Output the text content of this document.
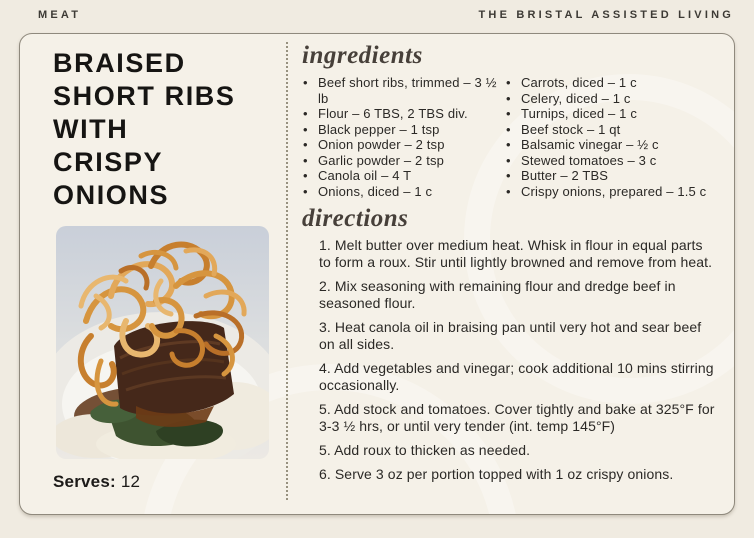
MEAT	THE BRISTAL ASSISTED LIVING
BRAISED
SHORT RIBS
WITH
CRISPY
ONIONS
Serves: 12
ingredients
• Beef short ribs, trimmed – 3 ½ lb
• Flour – 6 TBS, 2 TBS div.
• Black pepper – 1 tsp
• Onion powder – 2 tsp
• Garlic powder – 2 tsp
• Canola oil – 4 T
• Onions, diced – 1 c
• Carrots, diced – 1 c
• Celery, diced – 1 c
• Turnips, diced – 1 c
• Beef stock – 1 qt
• Balsamic vinegar – ½ c
• Stewed tomatoes – 3 c
• Butter – 2 TBS
• Crispy onions, prepared – 1.5 c
directions

1. Melt butter over medium heat. Whisk in flour in equal parts to form a roux. Stir until lightly browned and remove from heat.

2. Mix seasoning with remaining flour and dredge beef in seasoned flour.

3. Heat canola oil in braising pan until very hot and sear beef on all sides.

4. Add vegetables and vinegar; cook additional 10 mins stirring occasionally.

5. Add stock and tomatoes. Cover tightly and bake at 325°F for 3-3 ½ hrs, or until very tender (int. temp 145°F)

5. Add roux to thicken as needed.

6. Serve 3 oz per portion topped with 1 oz crispy onions.
